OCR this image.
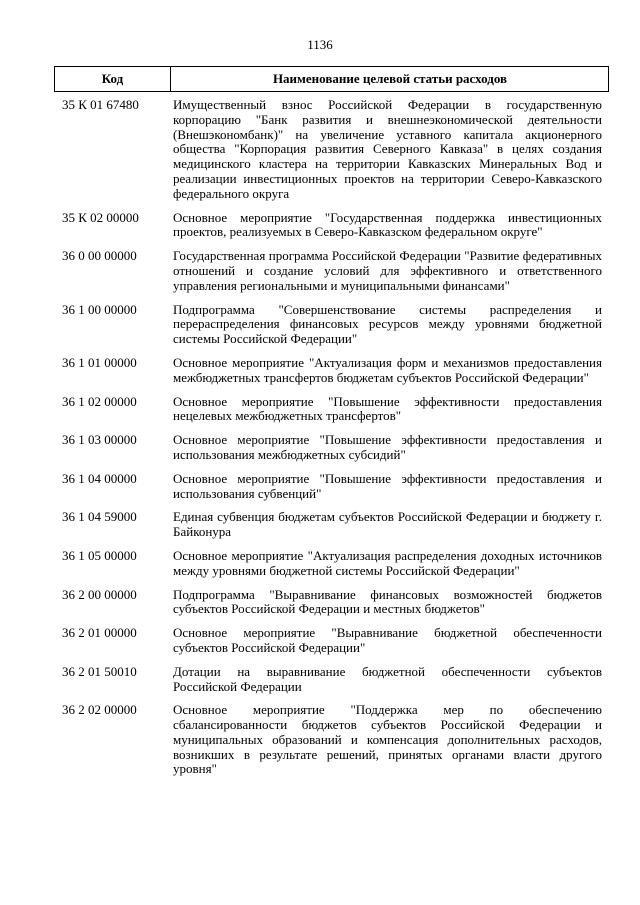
1136
Код	Наименование целевой статьи расходов
35 К 01 67480	Имущественный взнос Российской Федерации в государственную корпорацию "Банк развития и внешнеэкономической деятельности (Внешэкономбанк)" на увеличение уставного капитала акционерного общества "Корпорация развития Северного Кавказа" в целях создания медицинского кластера на территории Кавказских Минеральных Вод и реализации инвестиционных проектов на территории Северо-Кавказского федерального округа
35 К 02 00000	Основное мероприятие "Государственная поддержка инвестиционных проектов, реализуемых в Северо-Кавказском федеральном округе"
36 0 00 00000	Государственная программа Российской Федерации "Развитие федеративных отношений и создание условий для эффективного и ответственного управления региональными и муниципальными финансами"
36 1 00 00000	Подпрограмма "Совершенствование системы распределения и перераспределения финансовых ресурсов между уровнями бюджетной системы Российской Федерации"
36 1 01 00000	Основное мероприятие "Актуализация форм и механизмов предоставления межбюджетных трансфертов бюджетам субъектов Российской Федерации"
36 1 02 00000	Основное мероприятие "Повышение эффективности предоставления нецелевых межбюджетных трансфертов"
36 1 03 00000	Основное мероприятие "Повышение эффективности предоставления и использования межбюджетных субсидий"
36 1 04 00000	Основное мероприятие "Повышение эффективности предоставления и использования субвенций"
36 1 04 59000	Единая субвенция бюджетам субъектов Российской Федерации и бюджету г. Байконура
36 1 05 00000	Основное мероприятие "Актуализация распределения доходных источников между уровнями бюджетной системы Российской Федерации"
36 2 00 00000	Подпрограмма "Выравнивание финансовых возможностей бюджетов субъектов Российской Федерации и местных бюджетов"
36 2 01 00000	Основное мероприятие "Выравнивание бюджетной обеспеченности субъектов Российской Федерации"
36 2 01 50010	Дотации на выравнивание бюджетной обеспеченности субъектов Российской Федерации
36 2 02 00000	Основное мероприятие "Поддержка мер по обеспечению сбалансированности бюджетов субъектов Российской Федерации и муниципальных образований и компенсация дополнительных расходов, возникших в результате решений, принятых органами власти другого уровня"
